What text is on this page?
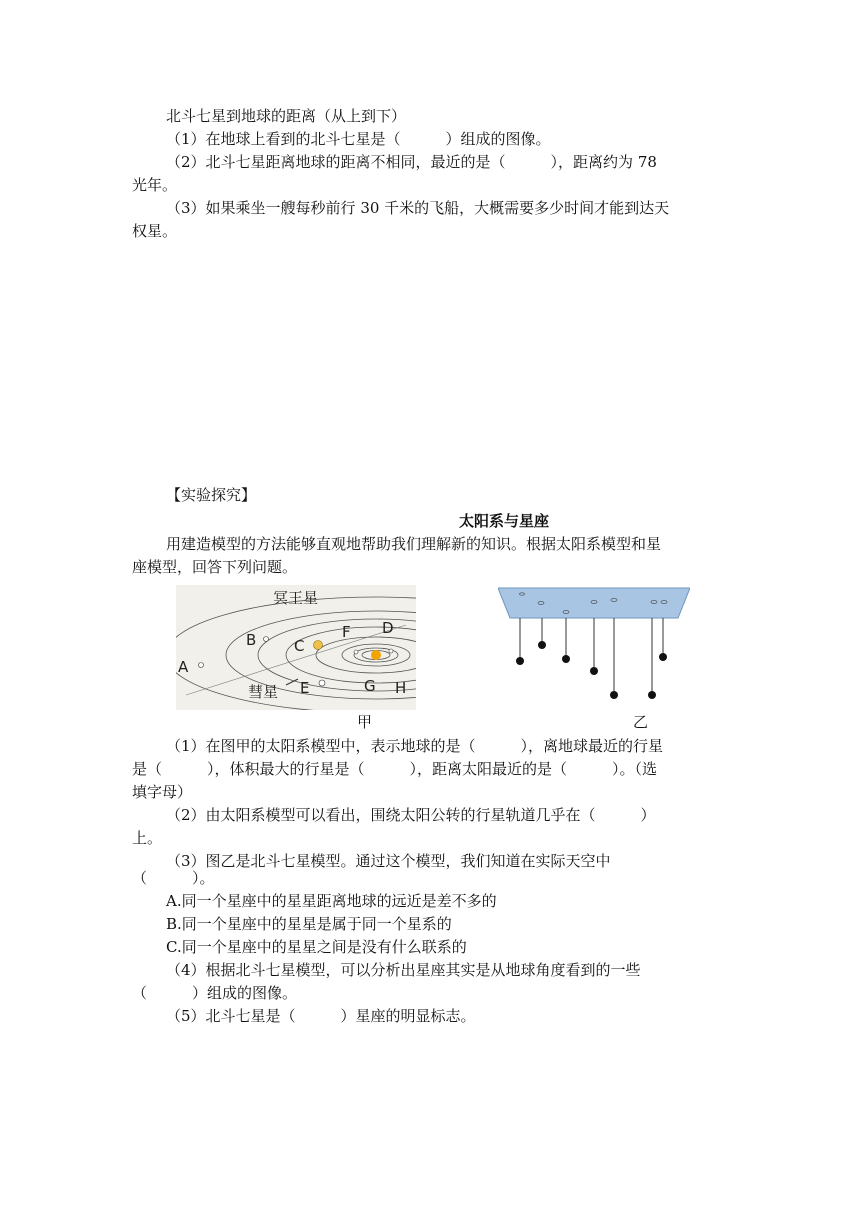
北斗七星到地球的距离（从上到下）
（1）在地球上看到的北斗七星是（　　　）组成的图像。
（2）北斗七星距离地球的距离不相同，最近的是（　　　），距离约为 78
光年。
（3）如果乘坐一艘每秒前行 30 千米的飞船，大概需要多少时间才能到达天
权星。
【实验探究】
太阳系与星座
用建造模型的方法能够直观地帮助我们理解新的知识。根据太阳系模型和星
座模型，回答下列问题。
冥王星
彗星
A
B	C
D
E
F
G H
甲	乙
（1）在图甲的太阳系模型中，表示地球的是（　　　），离地球最近的行星
是（　　　），体积最大的行星是（　　　），距离太阳最近的是（　　　）。（选
填字母）
（2）由太阳系模型可以看出，围绕太阳公转的行星轨道几乎在（　　　）
上。
（3）图乙是北斗七星模型。通过这个模型，我们知道在实际天空中
（　　　）。
A.同一个星座中的星星距离地球的远近是差不多的
B.同一个星座中的星星是属于同一个星系的
C.同一个星座中的星星之间是没有什么联系的
（4）根据北斗七星模型，可以分析出星座其实是从地球角度看到的一些
（　　　）组成的图像。
（5）北斗七星是（　　　）星座的明显标志。
